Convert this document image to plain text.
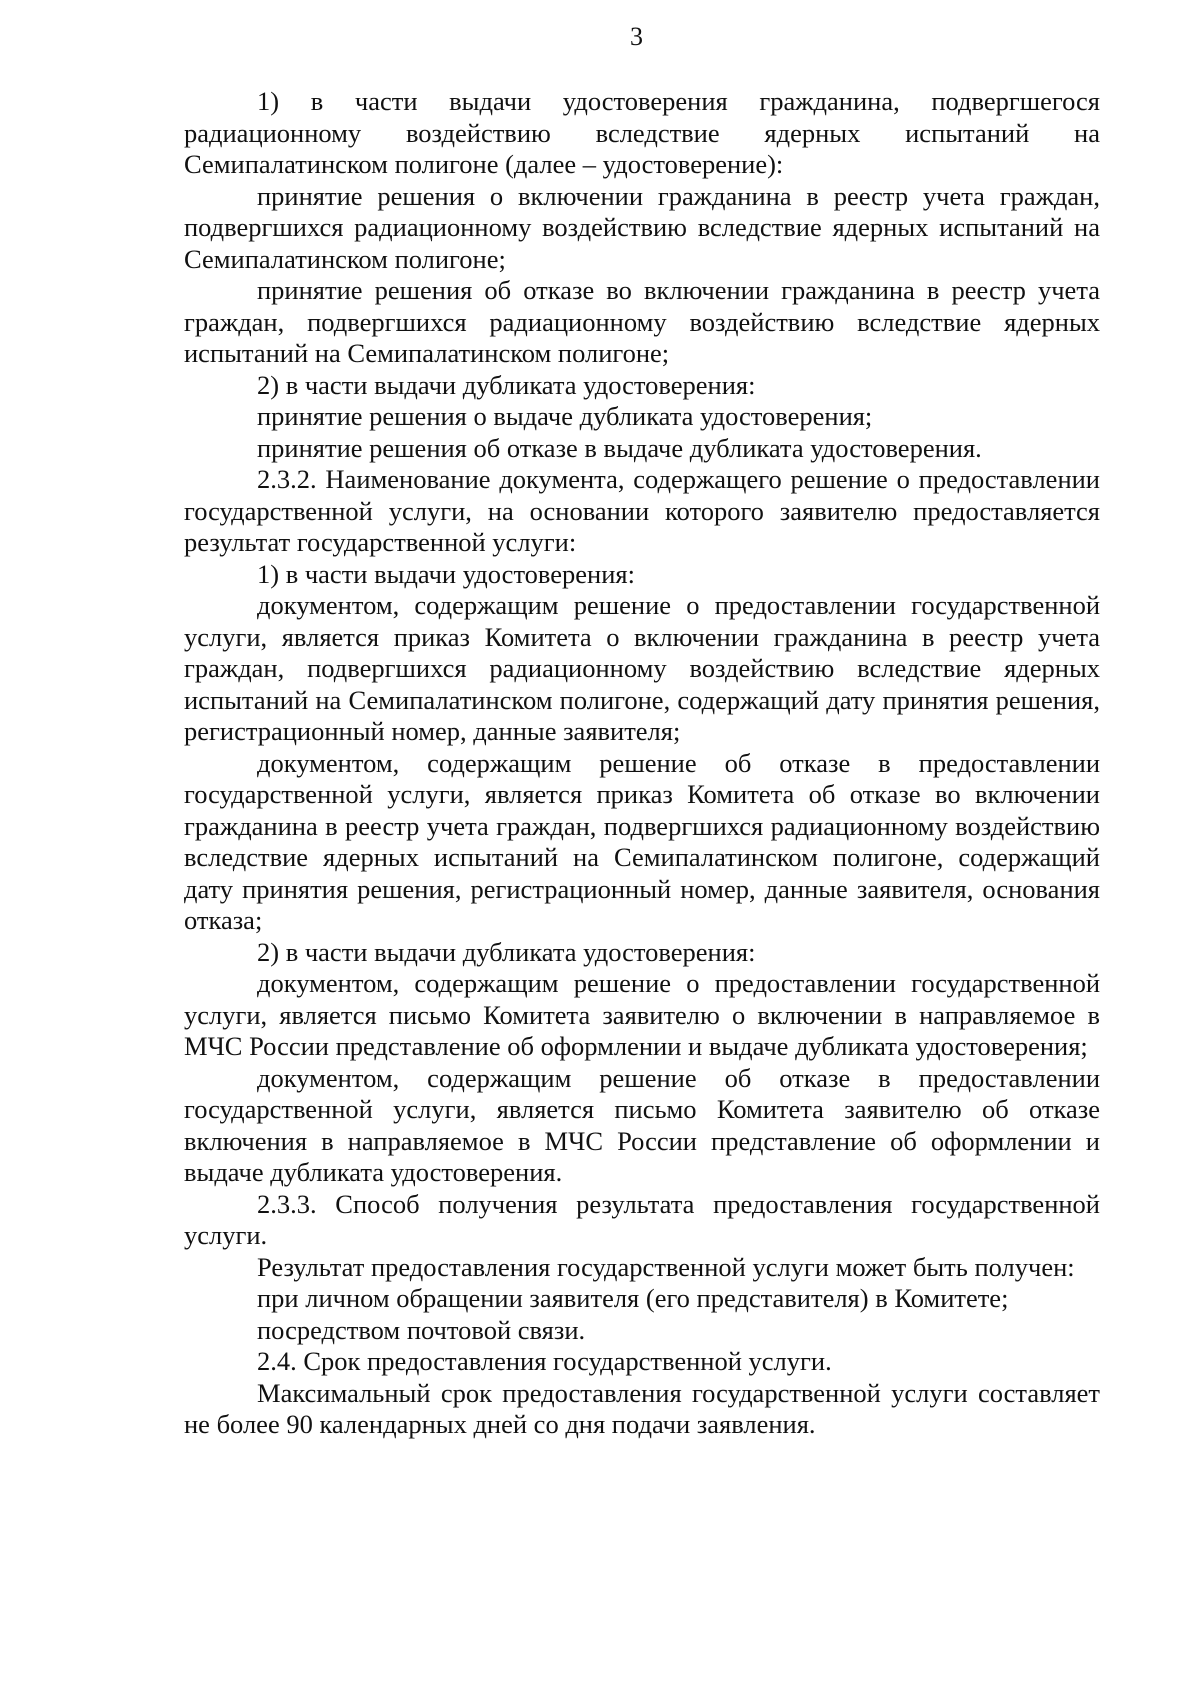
3

1) в части выдачи удостоверения гражданина, подвергшегося радиационному воздействию вследствие ядерных испытаний на Семипалатинском полигоне (далее – удостоверение):

принятие решения о включении гражданина в реестр учета граждан, подвергшихся радиационному воздействию вследствие ядерных испытаний на Семипалатинском полигоне;

принятие решения об отказе во включении гражданина в реестр учета граждан, подвергшихся радиационному воздействию вследствие ядерных испытаний на Семипалатинском полигоне;

2) в части выдачи дубликата удостоверения:

принятие решения о выдаче дубликата удостоверения;

принятие решения об отказе в выдаче дубликата удостоверения.

2.3.2. Наименование документа, содержащего решение о предоставлении государственной услуги, на основании которого заявителю предоставляется результат государственной услуги:

1) в части выдачи удостоверения:

документом, содержащим решение о предоставлении государственной услуги, является приказ Комитета о включении гражданина в реестр учета граждан, подвергшихся радиационному воздействию вследствие ядерных испытаний на Семипалатинском полигоне, содержащий дату принятия решения, регистрационный номер, данные заявителя;

документом, содержащим решение об отказе в предоставлении государственной услуги, является приказ Комитета об отказе во включении гражданина в реестр учета граждан, подвергшихся радиационному воздействию вследствие ядерных испытаний на Семипалатинском полигоне, содержащий дату принятия решения, регистрационный номер, данные заявителя, основания отказа;

2) в части выдачи дубликата удостоверения:

документом, содержащим решение о предоставлении государственной услуги, является письмо Комитета заявителю о включении в направляемое в МЧС России представление об оформлении и выдаче дубликата удостоверения;

документом, содержащим решение об отказе в предоставлении государственной услуги, является письмо Комитета заявителю об отказе включения в направляемое в МЧС России представление об оформлении и выдаче дубликата удостоверения.

2.3.3. Способ получения результата предоставления государственной услуги.

Результат предоставления государственной услуги может быть получен:

при личном обращении заявителя (его представителя) в Комитете;

посредством почтовой связи.

2.4. Срок предоставления государственной услуги.

Максимальный срок предоставления государственной услуги составляет не более 90 календарных дней со дня подачи заявления.
